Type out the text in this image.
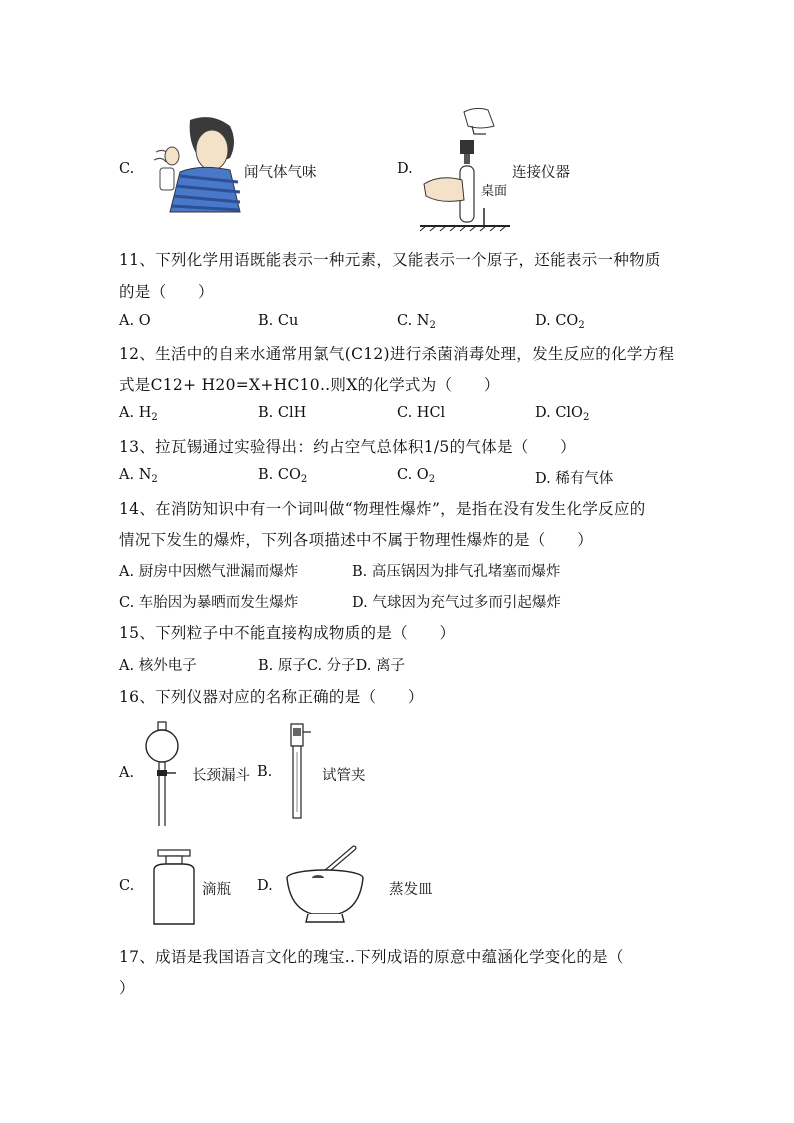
C.	闻气体气味	D.
桌面
连接仪器
11、下列化学用语既能表示一种元素，又能表示一个原子，还能表示一种物质
的是（　　）
A. O	B. Cu	C. $N_2$	D. $CO_2$
12、生活中的自来水通常用氯气(C12)进行杀菌消毒处理，发生反应的化学方程
式是C12+ H20=X+HC10..则X的化学式为（　　）
A. $H_2$	B. ClH	C. HCl	D. ClO$_2$
13、拉瓦锡通过实验得出：约占空气总体积1/5的气体是（　　）
A. $N_2$	B. $CO_2$	C. $O_2$	D. 稀有气体
14、在消防知识中有一个词叫做“物理性爆炸”，是指在没有发生化学反应的
情况下发生的爆炸，下列各项描述中不属于物理性爆炸的是（　　）
A. 厨房中因燃气泄漏而爆炸	B. 高压锅因为排气孔堵塞而爆炸
C. 车胎因为暴晒而发生爆炸	D. 气球因为充气过多而引起爆炸
15、下列粒子中不能直接构成物质的是（　　）
A. 核外电子	B. 原子C. 分子D. 离子
16、下列仪器对应的名称正确的是（　　）
A.	长颈漏斗 B.	试管夹
C.	滴瓶 D.	蒸发皿
17、成语是我国语言文化的瑰宝..下列成语的原意中蕴涵化学变化的是（
）
